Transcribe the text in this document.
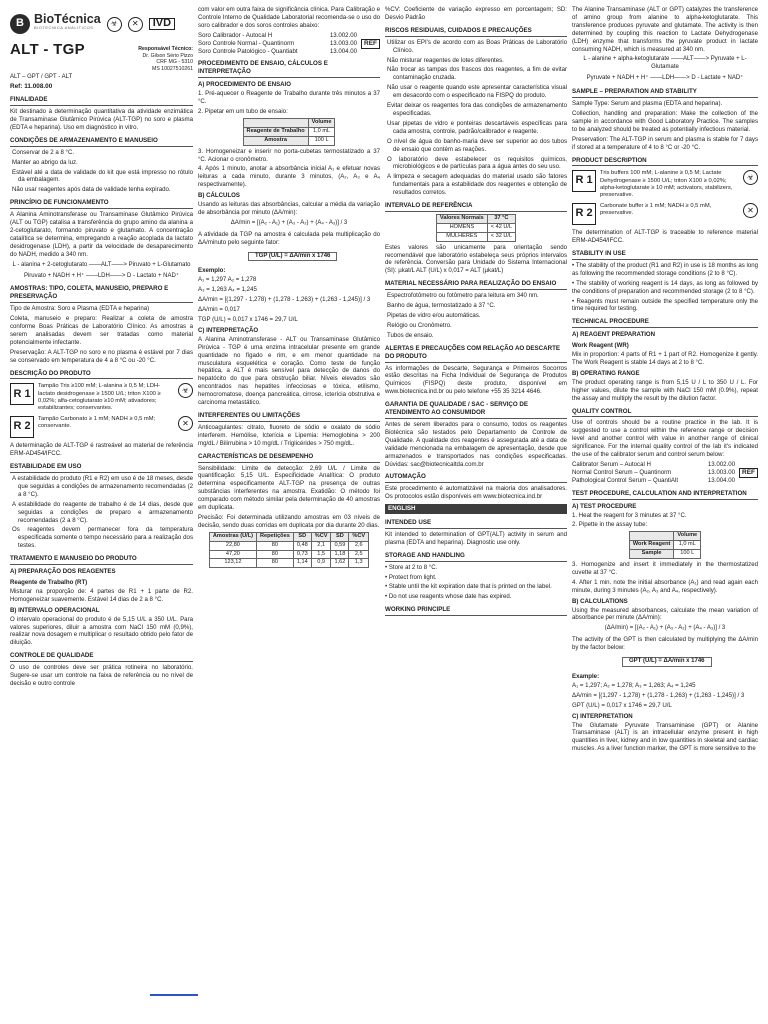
B BioTécnica
BIOTECNICA ANALITICOS	☣	✕	IVD
ALT - TGP	Responsável Técnico:
Dr. Gilson Sério Pizzo
CRF MG - 5310
MS 10027510261
ALT – GPT / GPT - ALT
Ref: 11.008.00
FINALIDADE
Kit destinado à determinação quantitativa da atividade enzimática de Transaminase Glutâmico Pirúvica (ALT-TGP) no soro e plasma (EDTA e heparina). Uso em diagnóstico in vitro.
CONDIÇÕES DE ARMAZENAMENTO E MANUSEIO
Conservar de 2 a 8 °C.
Manter ao abrigo da luz.
Estável até a data de validade do kit que está impresso no rótulo da embalagem.
Não usar reagentes após data de validade tenha expirado.
PRINCÍPIO DE FUNCIONAMENTO
A Alanina Aminotransferase ou Transaminase Glutâmico Pirúvica (ALT ou TGP) catalisa a transferência do grupo amino da alanina a 2-cetoglutarato, formando piruvato e glutamato. A concentração catalítica se determina, empregando a reação acoplada da lactato desidrogenase (LDH), a partir da velocidade de desaparecimento do NADH, medido a 340 nm.
L - alanina + 2-cetoglutarato ——ALT——> Piruvato + L-Glutamato
Piruvato + NADH + H⁺ ——LDH——> D - Lactato + NAD⁺
AMOSTRAS: TIPO, COLETA, MANUSEIO, PREPARO E PRESERVAÇÃO
Tipo de Amostra: Soro e Plasma (EDTA e heparina)
Coleta, manuseio e preparo: Realizar a coleta de amostra conforme Boas Práticas de Laboratório Clínico. As amostras a serem analisadas devem ser tratadas como material potencialmente infectante.
Preservação: A ALT-TGP no soro e no plasma é estável por 7 dias se conservado em temperatura de 4 a 8 °C ou -20 °C.
DESCRIÇÃO DO PRODUTO
R 1
Tampão Tris ≥100 mM; L-alanina ≥ 0,5 M; LDH-lactato desidrogenase ≥ 1500 U/L; triton X100 ≥ 0,02%; alfa-cetoglutarato ≥10 mM; ativadores; estabilizantes; conservantes.
☣
R 2
Tampão Carbonato ≥ 1 mM; NADH ≥ 0,5 mM; conservante.	✕
A determinação de ALT-TGP é rastreável ao material de referência ERM-AD454/IFCC.
ESTABILIDADE EM USO
A estabilidade do produto (R1 e R2) em uso é de 18 meses, desde que seguidas a condições de armazenamento recomendadas (2 a 8 °C).
A estabilidade do reagente de trabalho é de 14 dias, desde que seguidas a condições de preparo e armazenamento recomendadas (2 a 8 °C).
Os reagentes devem permanecer fora da temperatura especificada somente o tempo necessário para a realização dos testes.
TRATAMENTO E MANUSEIO DO PRODUTO
A) PREPARAÇÃO DOS REAGENTES
Reagente de Trabalho (RT)
Misturar na proporção de: 4 partes de R1 + 1 parte de R2. Homogeneizar suavemente. Estável 14 dias de 2 a 8 °C.
B) INTERVALO OPERACIONAL
O intervalo operacional do produto é de 5,15 U/L a 350 U/L. Para valores superiores, diluir a amostra com NaCl 150 mM (0,9%), realizar nova dosagem e multiplicar o resultado obtido pelo fator de diluição.
CONTROLE DE QUALIDADE
O uso de controles deve ser prática rotineira no laboratório. Sugere-se usar um controle na faixa de referência ou no nível de decisão e outro controle
com valor em outra faixa de significância clínica. Para Calibração e Controle Interno de Qualidade Laboratorial recomenda-se o uso do soro calibrador e dos soros controles abaixo:
Soro Calibrador - Autocal H	13.002.00
Soro Controle Normal - Quantinorm	13.003.00
Soro Controle Patológico - Quantiabt	13.004.00
REF
PROCEDIMENTO DE ENSAIO, CÁLCULOS E INTERPRETAÇÃO
A) PROCEDIMENTO DE ENSAIO
1. Pré-aquecer o Reagente de Trabalho durante três minutos a 37 °C.
2. Pipetar em um tubo de ensaio:
	Volume
Reagente de Trabalho	1,0 mL
Amostra	100 L
3. Homogeneizar e inserir no porta-cubetas termostatizado a 37 °C. Acionar o cronômetro.
4. Após 1 minuto, anotar a absorbância inicial A₁ e efetuar novas leituras a cada minuto, durante 3 minutos, (A₂, A₃ e A₄ respectivamente).
B) CÁLCULOS
Usando as leituras das absorbâncias, calcular a média da variação de absorbância por minuto (ΔA/min):
ΔA/min = [(A₂ - A₁) + (A₃ - A₂) + (A₄ - A₃)] / 3
A atividade da TGP na amostra é calculada pela multiplicação do ΔA/minuto pelo seguinte fator:
TGP (U/L) = ΔA/min x 1746
Exemplo:
A₁ = 1,297 A₂ = 1,278
A₃ = 1,263 A₄ = 1,245
ΔA/min = [(1,297 - 1,278) + (1,278 - 1,263) + (1,263 - 1,245)] / 3
ΔA/min = 0,017
TGP (U/L) = 0,017 x 1746 = 29,7 U/L
C) INTERPRETAÇÃO
A Alanina Aminotransferase - ALT ou Transaminase Glutâmico Pirúvica - TGP é uma enzima intracelular presente em grande quantidade no fígado e rim, e em menor quantidade na musculatura esquelética e coração. Como teste de função hepática, a ALT é mais sensível para detecção de danos do hepatócito do que para obstrução biliar. Níveis elevados são encontrados nas hepatites infecciosas e tóxica, etilismo, hemocromatose, doença pancreática, cirrose, icterícia obstrutiva e carcinoma metastático.
INTERFERENTES OU LIMITAÇÕES
Anticoagulantes: citrato, fluoreto de sódio e oxalato de sódio interferem. Hemólise, Icterícia e Lipemia: Hemoglobina > 200 mg/dL / Bilirrubina > 10 mg/dL / Triglicérides > 750 mg/dL.
CARACTERÍSTICAS DE DESEMPENHO
Sensibilidade: Limite de detecção: 2,69 U/L / Limite de quantificação: 5,15 U/L. Especificidade Analítica: O produto determina especificamente ALT-TGP na presença de outras substâncias interferentes na amostra. Exatidão: O método foi comparado com método similar pela determinação de 40 amostras em duplicata.
Precisão: Foi determinada utilizando amostras em 03 níveis de decisão, sendo duas corridas em duplicata por dia durante 20 dias.
Amostras (U/L)	Repetições	SD	%CV	SD	%CV
22,80	80	0,48	2,1	0,59	2,6
47,20	80	0,73	1,5	1,18	2,5
123,12	80	1,14	0,9	1,62	1,3
%CV: Coeficiente de variação expresso em porcentagem; SD: Desvio Padrão
RISCOS RESIDUAIS, CUIDADOS E PRECAUÇÕES
Utilizar os EPI's de acordo com as Boas Práticas de Laboratório Clínico.
Não misturar reagentes de lotes diferentes.
Não trocar as tampas dos frascos dos reagentes, a fim de evitar contaminação cruzada.
Não usar o reagente quando este apresentar característica visual em desacordo com o especificado na FISPQ do produto.
Evitar deixar os reagentes fora das condições de armazenamento especificadas.
Usar pipetas de vidro e ponteiras descartáveis específicas para cada amostra, controle, padrão/calibrador e reagente.
O nível de água do banho-maria deve ser superior ao dos tubos de ensaio que contém as reações.
O laboratório deve estabelecer os requisitos químicos, microbiológicos e de partículas para a água antes do seu uso.
A limpeza e secagem adequadas do material usado são fatores fundamentais para a estabilidade dos reagentes e obtenção de resultados corretos.
INTERVALO DE REFERÊNCIA
Valores Normais	37 °C
HOMENS	< 42 U/L
MULHERES	< 32 U/L
Estes valores são unicamente para orientação sendo recomendável que laboratório estabeleça seus próprios intervalos de referência. Conversão para Unidade do Sistema Internacional (SI): µkat/L ALT (U/L) x 0,017 = ALT (µkat/L)
MATERIAL NECESSÁRIO PARA REALIZAÇÃO DO ENSAIO
Espectrofotômetro ou fotômetro para leitura em 340 nm.
Banho de água, termostatizado a 37 °C.
Pipetas de vidro e/ou automáticas.
Relógio ou Cronômetro.
Tubos de ensaio.
ALERTAS E PRECAUÇÕES COM RELAÇÃO AO DESCARTE DO PRODUTO
As informações de Descarte, Segurança e Primeiros Socorros estão descritas na Ficha Individual de Segurança de Produtos Químicos (FISPQ) deste produto, disponível em www.biotecnica.ind.br ou pelo telefone +55 35 3214 4646.
GARANTIA DE QUALIDADE / SAC - SERVIÇO DE ATENDIMENTO AO CONSUMIDOR
Antes de serem liberados para o consumo, todos os reagentes Biotécnica são testados pelo Departamento de Controle de Qualidade. A qualidade dos reagentes é assegurada até a data de validade mencionada na embalagem de apresentação, desde que armazenados e transportados nas condições especificadas. Dúvidas: sac@biotecnicaltda.com.br
AUTOMAÇÃO
Este procedimento é automatizável na maioria dos analisadores. Os protocolos estão disponíveis em www.biotecnica.ind.br
ENGLISH
INTENDED USE
Kit intended to determination of GPT(ALT) activity in serum and plasma (EDTA and heparina). Diagnostic use only.
STORAGE AND HANDLING
• Store at 2 to 8 °C.
• Protect from light.
• Stable until the kit expiration date that is printed on the label.
• Do not use reagents whose date has expired.
WORKING PRINCIPLE
The Alanine Transaminase (ALT or GPT) catalyzes the transference of amino group from alanine to alpha-ketoglutarate. This transference produces pyruvate and glutamate. The activity is then determined by coupling this reaction to Lactate Dehydrogenase (LDH) enzyme that transforms the pyruvate product in lactate consuming NADH, which is measured at 340 nm.
L - alanine + alpha-ketoglutarate ——ALT——> Pyruvate + L-Glutamate
Pyruvate + NADH + H⁺ ——LDH——> D - Lactate + NAD⁺
SAMPLE – PREPARATION AND STABILITY
Sample Type: Serum and plasma (EDTA and heparina).
Collection, handling and preparation: Make the collection of the sample in accordance with Good Laboratory Practice. The samples to be analyzed should be treated as potentially infectious material.
Preservation: The ALT-TGP in serum and plasma is stable for 7 days if stored at a temperature of 4 to 8 °C or -20 °C.
PRODUCT DESCRIPTION
R 1
Tris buffers 100 mM; L-alanine ≥ 0,5 M; Lactate Dehydrogenase ≥ 1500 U/L; triton X100 ≥ 0,02%; alpha-ketoglutarate ≥ 10 mM; activators, stabilizers, preservative.
☣
R 2
Carbonate buffer ≥ 1 mM; NADH ≥ 0,5 mM, preservative.	✕
The determination of ALT-TGP is traceable to reference material ERM-AD454/IFCC.
STABILITY IN USE
• The stability of the product (R1 and R2) in use is 18 months as long as following the recommended storage conditions (2 to 8 °C).
• The stability of working reagent is 14 days, as long as followed by the conditions of preparation and recommended storage (2 to 8 °C).
• Reagents must remain outside the specified temperature only the time required for testing.
TECHNICAL PROCEDURE
A) REAGENT PREPARATION
Work Reagent (WR)
Mix in proportion: 4 parts of R1 + 1 part of R2. Homogenize it gently. The Work Reagent is stable 14 days at 2 to 8 °C.
B) OPERATING RANGE
The product operating range is from 5,15 U / L to 350 U / L. For higher values, dilute the sample with NaCl 150 mM (0.9%), repeat the assay and multiply the result by the dilution factor.
QUALITY CONTROL
Use of controls should be a routine practice in the lab. It is suggested to use a control within the reference range or decision level and another control with value in another range of clinical significance. For the internal quality control of the lab it's indicated the use of the calibrator serum and control serum below:
Calibrator Serum – Autocal H	13.002.00
Normal Control Serum – Quantinorm	13.003.00
Pathological Control Serum – QuantiAlt	13.004.00
REF
TEST PROCEDURE, CALCULATION AND INTERPRETATION
A) TEST PROCEDURE
1. Heat the reagent for 3 minutes at 37 °C.
2. Pipette in the assay tube:
	Volume
Work Reagent	1,0 mL
Sample	100 L
3. Homogenize and insert it immediately in the thermostatized cuvette at 37 °C.
4. After 1 min. note the initial absorbance (A₁) and read again each minute, during 3 minutes (A₂, A₃ and A₄, respectively).
B) CALCULATIONS
Using the measured absorbances, calculate the mean variation of absorbance per minute (ΔA/min):
(ΔA/min) = [(A₂ - A₁) + (A₃ - A₂) + (A₄ - A₃)] / 3
The activity of the GPT is then calculated by multiplying the ΔA/min by the factor below:
GPT (U/L) = ΔA/min x 1746
Example:
A₁ = 1,297; A₂ = 1,278; A₃ = 1,263; A₄ = 1,245
ΔA/min = [(1,297 - 1,278) + (1,278 - 1,263) + (1,263 - 1,245)] / 3
GPT (U/L) = 0,017 x 1746 = 29,7 U/L
C) INTERPRETATION
The Glutamate Pyruvate Transaminase (GPT) or Alanine Transaminase (ALT) is an intracellular enzyme present in high quantities in liver, kidney and in low quantities in skeletal and cardiac muscles. As a liver function marker, the GPT is more sensitive to the
